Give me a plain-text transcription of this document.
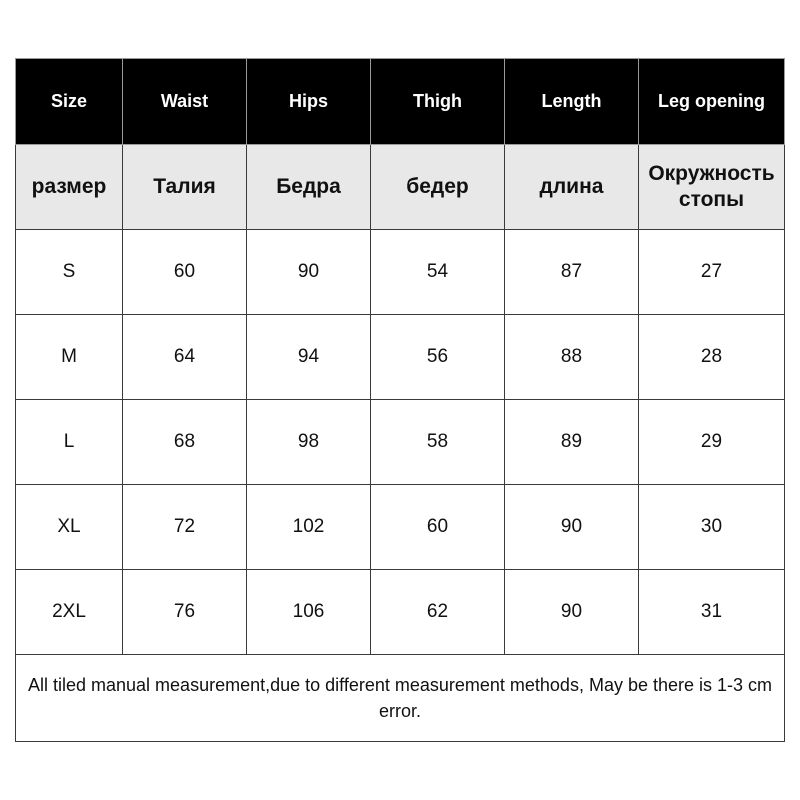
Size	Waist	Hips	Thigh	Length	Leg opening
размер	Талия	Бедра	бедер	длина	Окружность стопы
S	60	90	54	87	27
M	64	94	56	88	28
L	68	98	58	89	29
XL	72	102	60	90	30
2XL	76	106	62	90	31
All tiled manual measurement,due to different measurement methods, May be there is 1-3 cm error.					
